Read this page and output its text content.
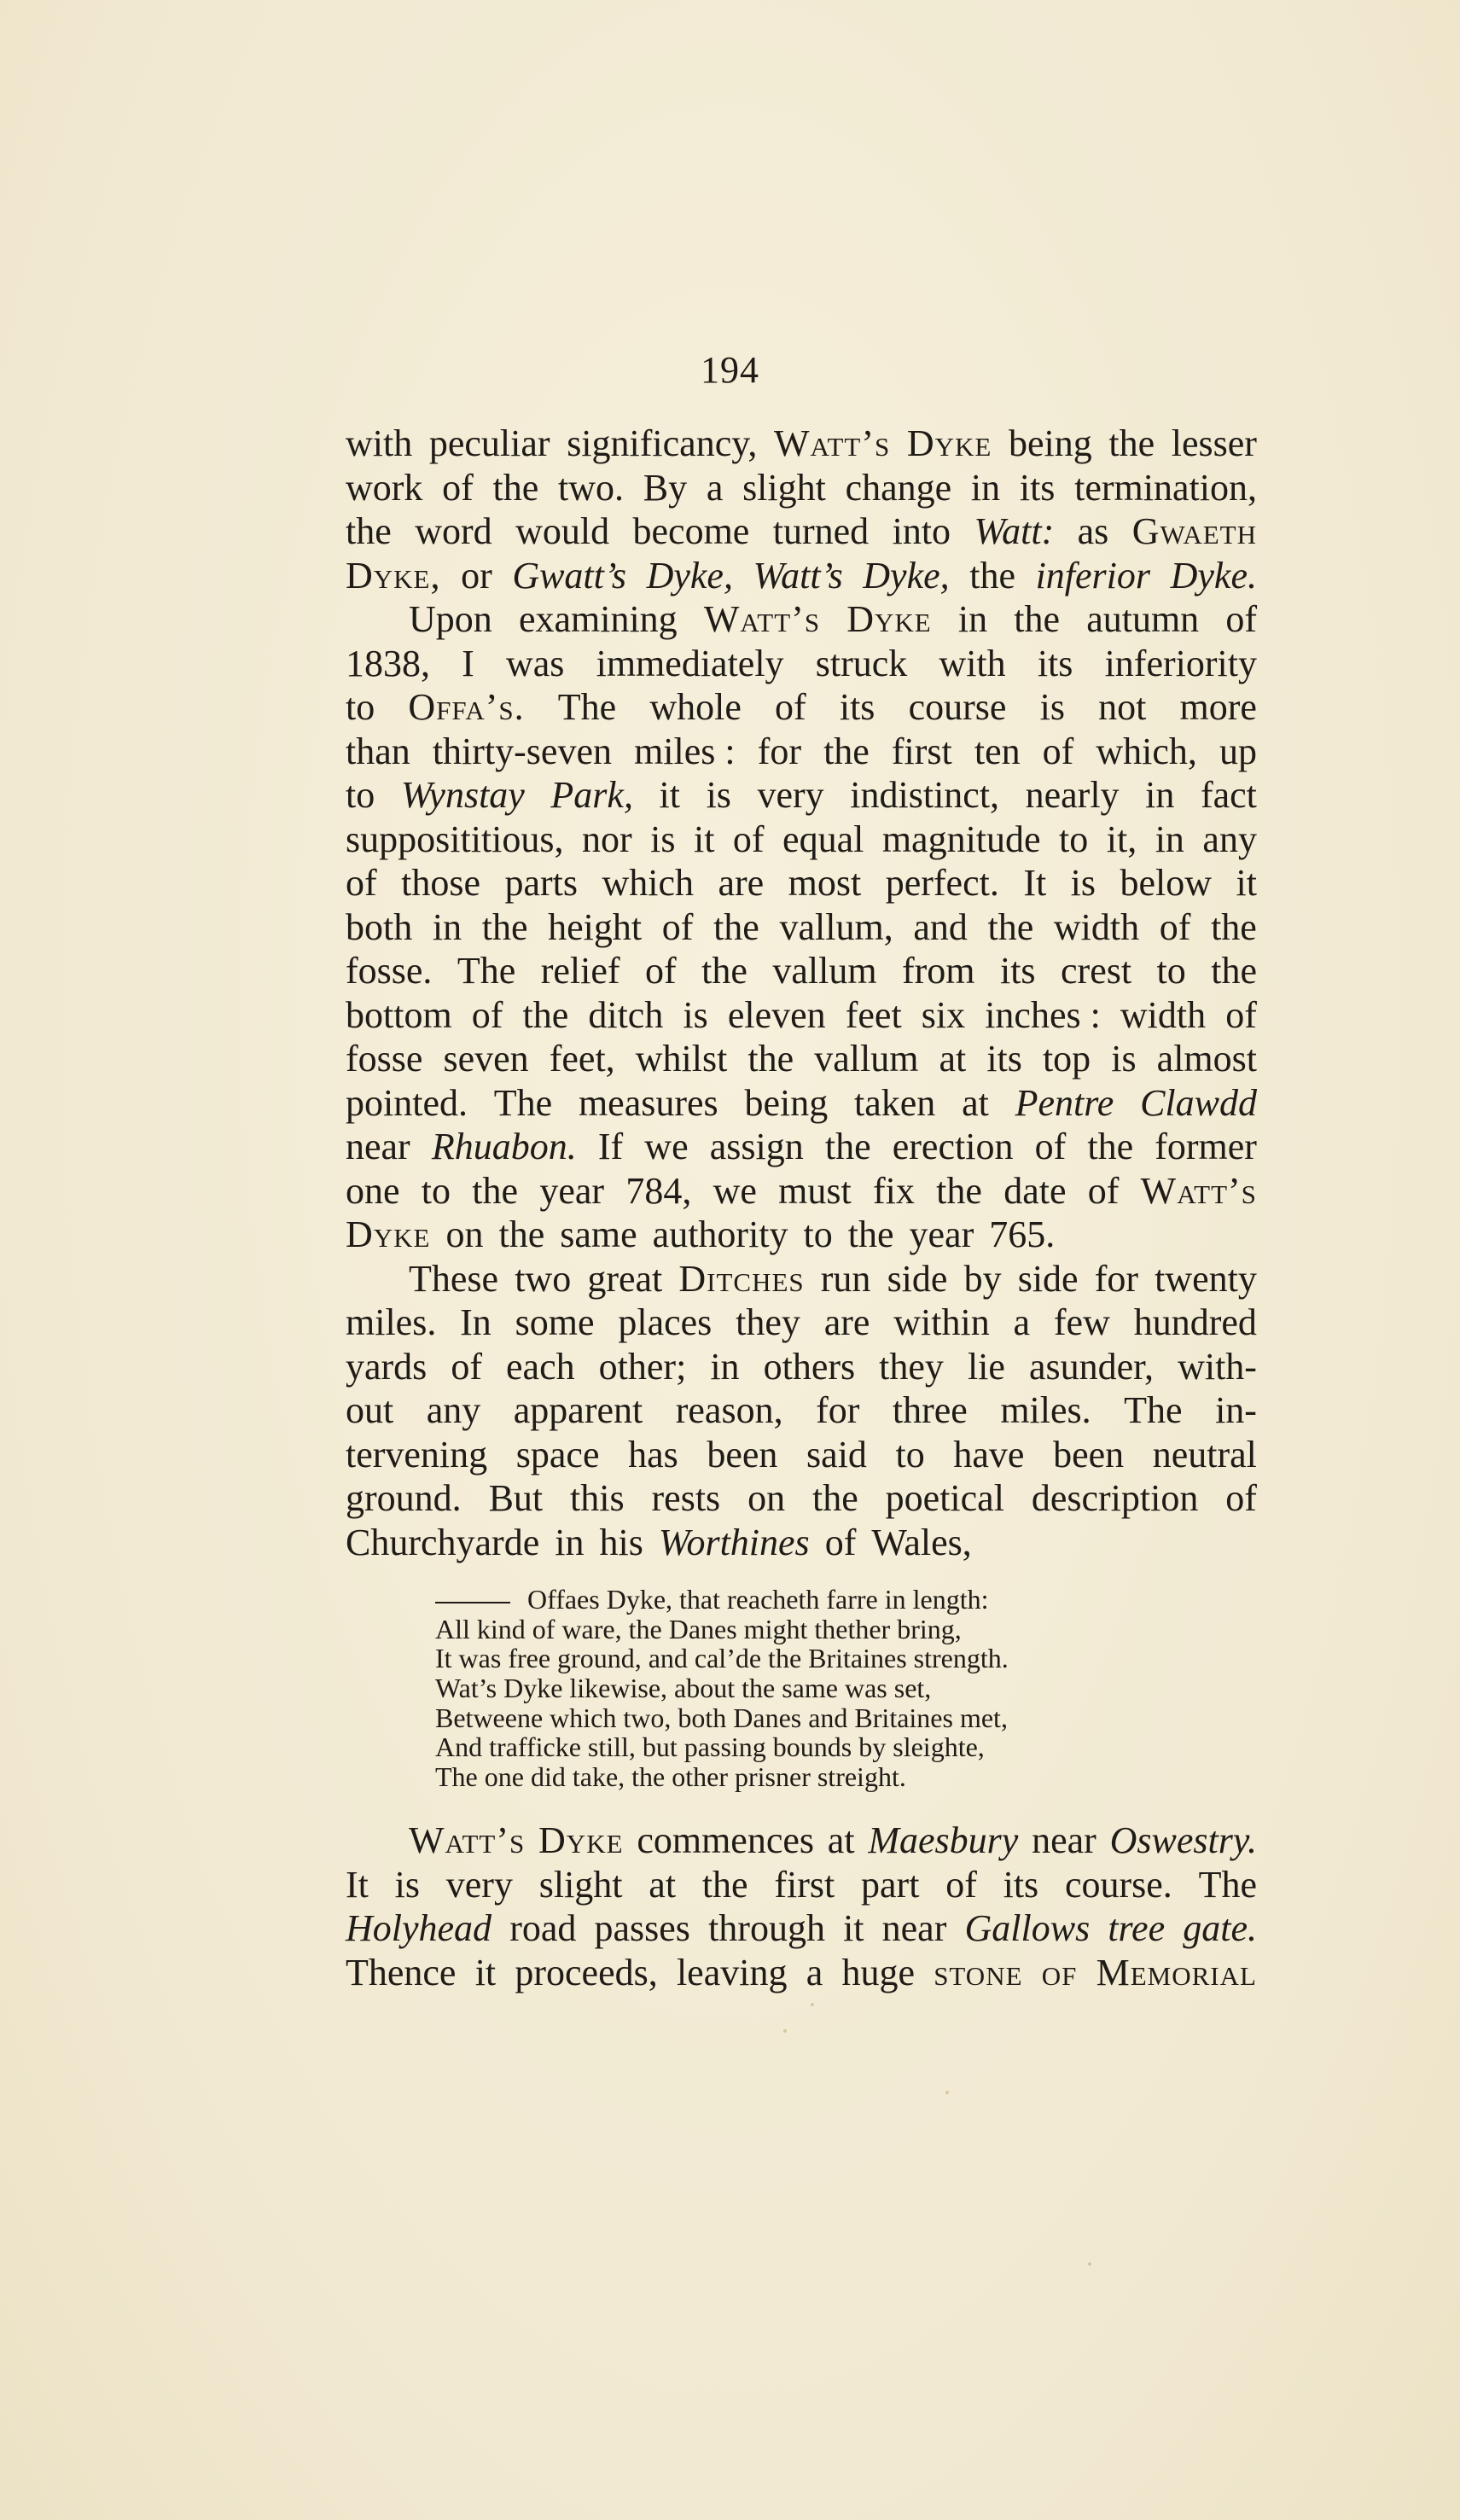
194
with peculiar significancy, Watt’s Dyke being the lesser
work of the two. By a slight change in its termination,
the word would become turned into Watt: as Gwaeth
Dyke, or Gwatt’s Dyke, Watt’s Dyke, the inferior Dyke.
Upon examining Watt’s Dyke in the autumn of
1838, I was immediately struck with its inferiority
to Offa’s. The whole of its course is not more
than thirty-seven miles : for the first ten of which, up
to Wynstay Park, it is very indistinct, nearly in fact
supposititious, nor is it of equal magnitude to it, in any
of those parts which are most perfect. It is below it
both in the height of the vallum, and the width of the
fosse. The relief of the vallum from its crest to the
bottom of the ditch is eleven feet six inches : width of
fosse seven feet, whilst the vallum at its top is almost
pointed. The measures being taken at Pentre Clawdd
near Rhuabon. If we assign the erection of the former
one to the year 784, we must fix the date of Watt’s
Dyke on the same authority to the year 765.
These two great Ditches run side by side for twenty
miles. In some places they are within a few hundred
yards of each other; in others they lie asunder, with-
out any apparent reason, for three miles. The in-
tervening space has been said to have been neutral
ground. But this rests on the poetical description of
Churchyarde in his Worthines of Wales,
Offaes Dyke, that reacheth farre in length:
All kind of ware, the Danes might thether bring,
It was free ground, and cal’de the Britaines strength.
Wat’s Dyke likewise, about the same was set,
Betweene which two, both Danes and Britaines met,
And trafficke still, but passing bounds by sleighte,
The one did take, the other prisner streight.
Watt’s Dyke commences at Maesbury near Oswestry.
It is very slight at the first part of its course. The
Holyhead road passes through it near Gallows tree gate.
Thence it proceeds, leaving a huge stone of Memorial
